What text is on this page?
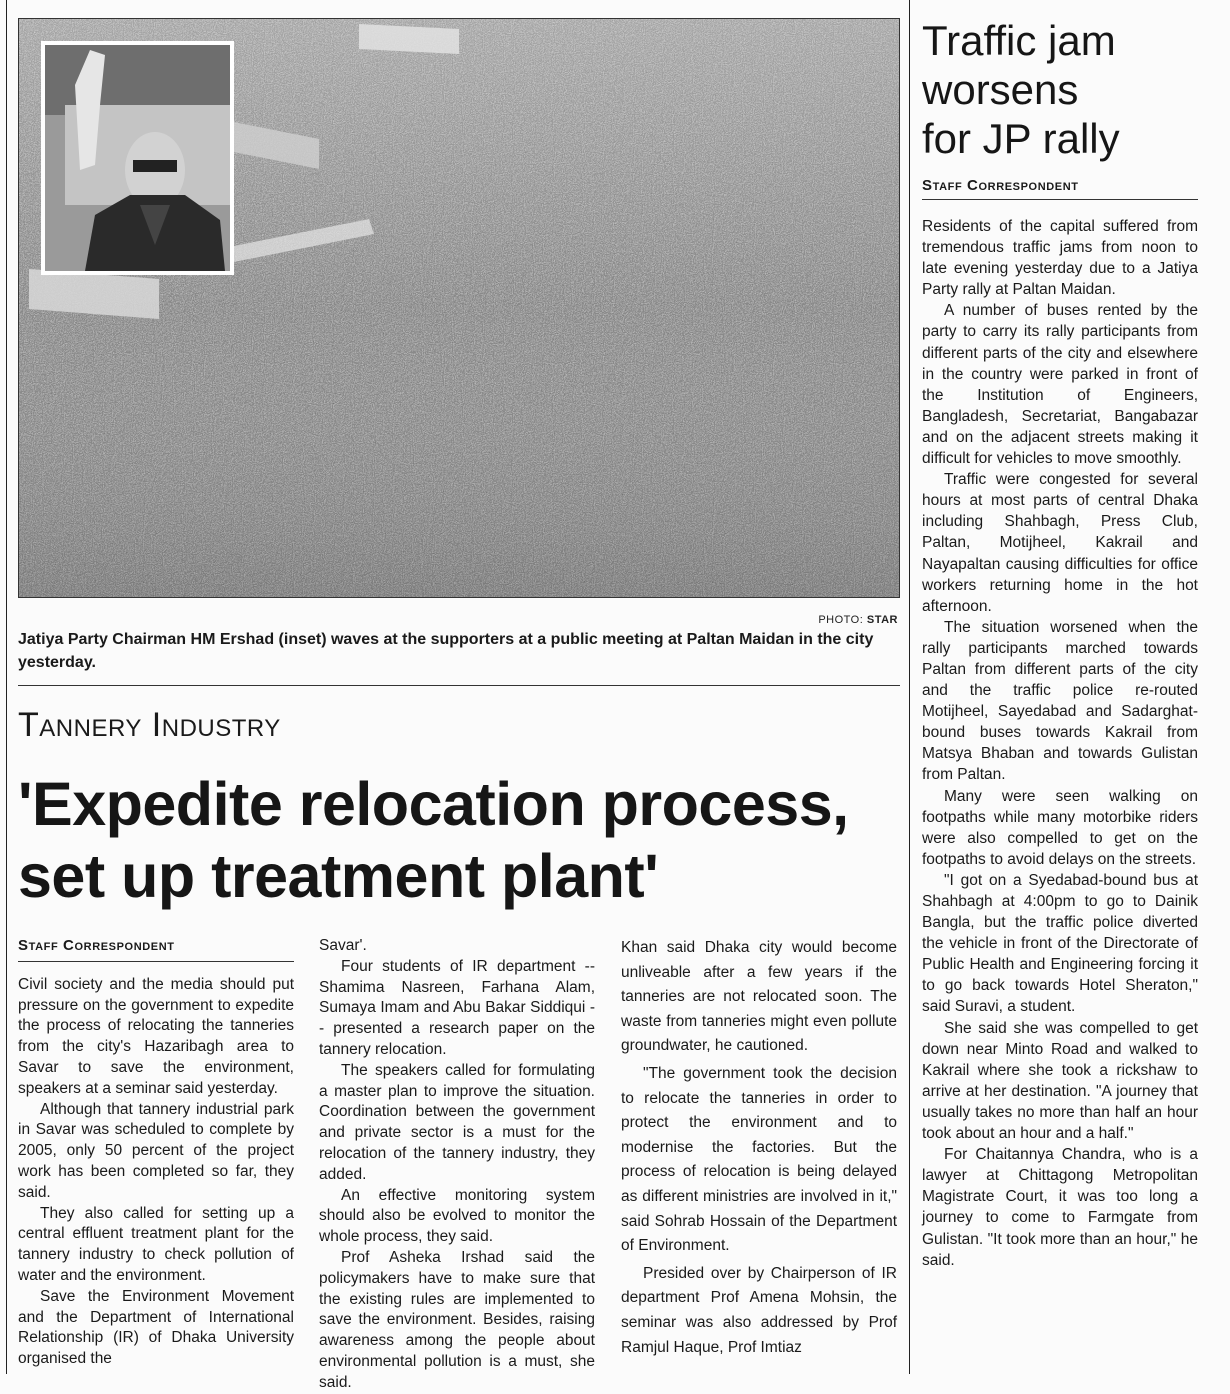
PHOTO: STAR
Jatiya Party Chairman HM Ershad (inset) waves at the supporters at a public meeting at Paltan Maidan in the city yesterday.
Tannery Industry
'Expedite relocation process,
set up treatment plant'
Staff Correspondent

Civil society and the media should put pressure on the government to expedite the process of relocating the tanneries from the city's Hazaribagh area to Savar to save the environment, speakers at a seminar said yesterday.

Although that tannery industrial park in Savar was scheduled to complete by 2005, only 50 percent of the project work has been completed so far, they said.

They also called for setting up a central effluent treatment plant for the tannery industry to check pollution of water and the environment.

Save the Environment Movement and the Department of International Relationship (IR) of Dhaka University organised the

Savar'.

Four students of IR department -- Shamima Nasreen, Farhana Alam, Sumaya Imam and Abu Bakar Siddiqui -- presented a research paper on the tannery relocation.

The speakers called for formulating a master plan to improve the situation. Coordination between the government and private sector is a must for the relocation of the tannery industry, they added.

An effective monitoring system should also be evolved to monitor the whole process, they said.

Prof Asheka Irshad said the policymakers have to make sure that the existing rules are implemented to save the environment. Besides, raising awareness among the people about environmental pollution is a must, she said.

Khan said Dhaka city would become unliveable after a few years if the tanneries are not relocated soon. The waste from tanneries might even pollute groundwater, he cautioned.

"The government took the decision to relocate the tanneries in order to protect the environment and to modernise the factories. But the process of relocation is being delayed as different ministries are involved in it," said Sohrab Hossain of the Department of Environment.

Presided over by Chairperson of IR department Prof Amena Mohsin, the seminar was also addressed by Prof Ramjul Haque, Prof Imtiaz

Traffic jam
worsens
for JP rally
Staff Correspondent

Residents of the capital suffered from tremendous traffic jams from noon to late evening yesterday due to a Jatiya Party rally at Paltan Maidan.

A number of buses rented by the party to carry its rally participants from different parts of the city and elsewhere in the country were parked in front of the Institution of Engineers, Bangladesh, Secretariat, Bangabazar and on the adjacent streets making it difficult for vehicles to move smoothly.

Traffic were congested for several hours at most parts of central Dhaka including Shahbagh, Press Club, Paltan, Motijheel, Kakrail and Nayapaltan causing difficulties for office workers returning home in the hot afternoon.

The situation worsened when the rally participants marched towards Paltan from different parts of the city and the traffic police re-routed Motijheel, Sayedabad and Sadarghat-bound buses towards Kakrail from Matsya Bhaban and towards Gulistan from Paltan.

Many were seen walking on footpaths while many motorbike riders were also compelled to get on the footpaths to avoid delays on the streets.

"I got on a Syedabad-bound bus at Shahbagh at 4:00pm to go to Dainik Bangla, but the traffic police diverted the vehicle in front of the Directorate of Public Health and Engineering forcing it to go back towards Hotel Sheraton," said Suravi, a student.

She said she was compelled to get down near Minto Road and walked to Kakrail where she took a rickshaw to arrive at her destination. "A journey that usually takes no more than half an hour took about an hour and a half."

For Chaitannya Chandra, who is a lawyer at Chittagong Metropolitan Magistrate Court, it was too long a journey to come to Farmgate from Gulistan. "It took more than an hour," he said.
